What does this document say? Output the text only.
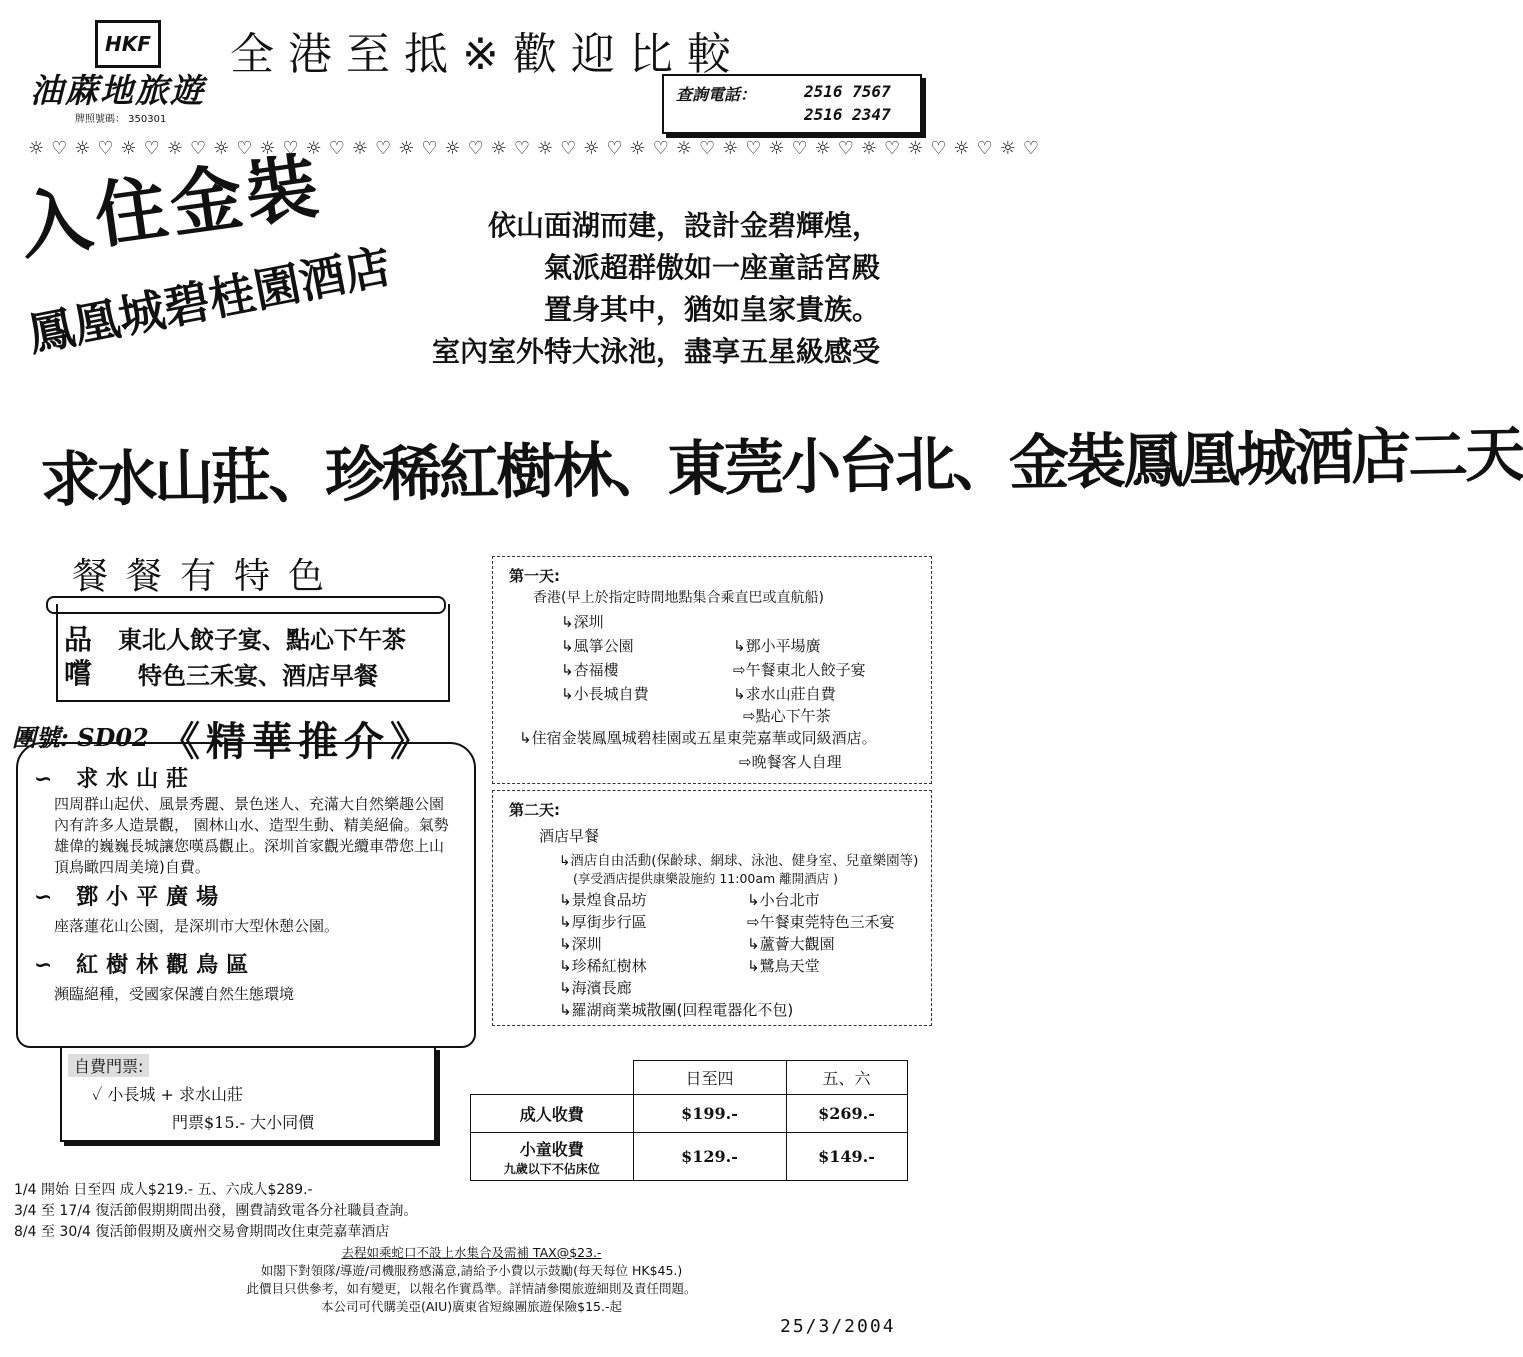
HKF
油蔴地旅遊
牌照號碼： 350301
全港至抵※歡迎比較
查詢電話：	2516 7567
2516 2347
☼♡☼♡☼♡☼♡☼♡☼♡☼♡☼♡☼♡☼♡☼♡☼♡☼♡☼♡☼♡☼♡☼♡☼♡☼♡☼♡☼♡☼♡
入住金裝
鳳凰城碧桂園酒店
依山面湖而建，設計金碧輝煌，
氣派超群傲如一座童話宮殿
置身其中，猶如皇家貴族。
室內室外特大泳池，盡享五星級感受
求水山莊、珍稀紅樹林、東莞小台北、金裝鳳凰城酒店二天
餐餐有特色
品
嚐
東北人餃子宴、點心下午茶
特色三禾宴、酒店早餐
團號: SD02 《精華推介》
∽ 求水山莊
四周群山起伏、風景秀麗、景色迷人、充滿大自然樂趣公園內有許多人造景觀， 園林山水、造型生動、精美絕倫。氣勢雄偉的巍巍長城讓您嘆爲觀止。深圳首家觀光纜車帶您上山頂鳥瞰四周美境)自費。
∽ 鄧小平廣場
座落蓮花山公園，是深圳市大型休憩公園。
∽ 紅樹林觀鳥區
瀕臨絕種，受國家保護自然生態環境
第一天:
香港(早上於指定時間地點集合乘直巴或直航船)
↳深圳
↳風箏公園
↳杏福樓
↳小長城自費
↳鄧小平場廣
⇨午餐東北人餃子宴
↳求水山莊自費
⇨點心下午茶
↳住宿金裝鳳凰城碧桂園或五星東莞嘉華或同級酒店。
⇨晚餐客人自理
第二天:
酒店早餐
↳酒店自由活動(保齡球、網球、泳池、健身室、兒童樂園等)
(享受酒店提供康樂設施約 11:00am 離開酒店 )
↳景煌食品坊
↳厚街步行區
↳深圳
↳珍稀紅樹林
↳海濱長廊
↳羅湖商業城散團(回程電器化不包)
↳小台北市
⇨午餐東莞特色三禾宴
↳蘆薈大觀園
↳鷺鳥天堂
自費門票:
✓ 小長城 + 求水山莊
門票$15.- 大小同價
	日至四	五、六
成人收費	$199.-	$269.-

小童收費
九歲以下不佔床位	$129.-	$149.-
1/4 開始 日至四 成人$219.- 五、六成人$289.-
3/4 至 17/4 復活節假期期間出發，團費請致電各分社職員查詢。
8/4 至 30/4 復活節假期及廣州交易會期間改住東莞嘉華酒店
去程如乘蛇口不設上水集合及需補 TAX@$23.-
如閣下對領隊/導遊/司機服務感滿意,請給予小費以示鼓勵(每天每位 HK$45.)
此價目只供參考，如有變更，以報名作實爲準。詳情請參閱旅遊細則及責任問題。
本公司可代購美亞(AIU)廣東省短線團旅遊保險$15.-起
25/3/2004
